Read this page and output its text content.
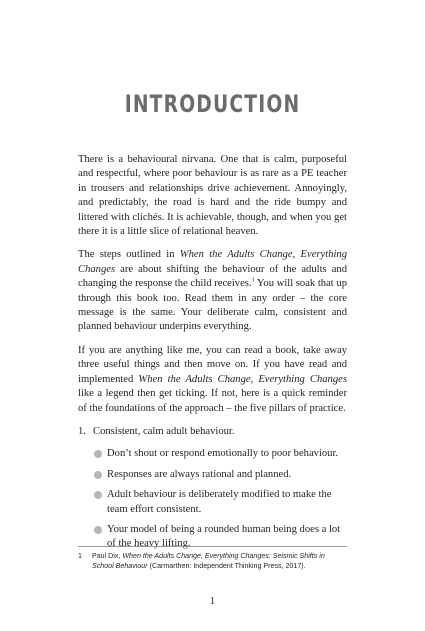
INTRODUCTION

There is a behavioural nirvana. One that is calm, purposeful and respectful, where poor behaviour is as rare as a PE teacher in trousers and relationships drive achievement. Annoyingly, and predictably, the road is hard and the ride bumpy and littered with clichés. It is achievable, though, and when you get there it is a little slice of relational heaven.

The steps outlined in When the Adults Change, Everything Changes are about shifting the behaviour of the adults and changing the response the child receives.$^1$ You will soak that up through this book too. Read them in any order – the core message is the same. Your deliberate calm, consistent and planned behaviour underpins everything.

If you are anything like me, you can read a book, take away three useful things and then move on. If you have read and implemented When the Adults Change, Everything Changes like a legend then get ticking. If not, here is a quick reminder of the foundations of the approach – the five pillars of practice.

1. Consistent, calm adult behaviour.
Don’t shout or respond emotionally to poor behaviour.
Responses are always rational and planned.
Adult behaviour is deliberately modified to make the team effort consistent.
Your model of being a rounded human being does a lot of the heavy lifting.
1 Paul Dix, When the Adults Change, Everything Changes: Seismic Shifts in School Behaviour (Carmarthen: Independent Thinking Press, 2017).
1
